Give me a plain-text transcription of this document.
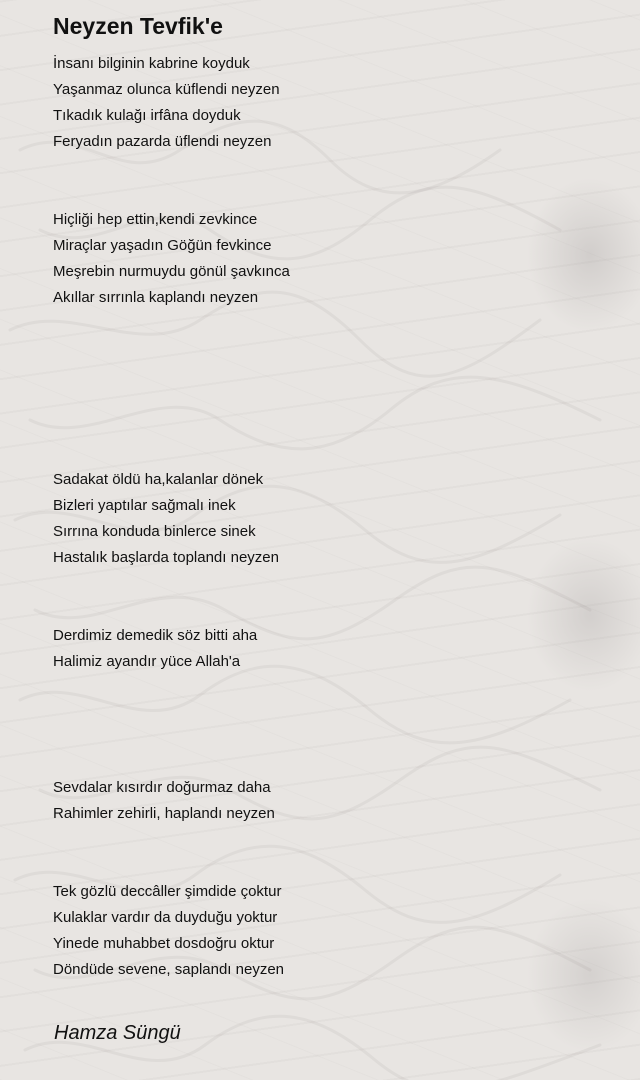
Neyzen Tevfik'e
İnsanı bilginin kabrine koyduk
Yaşanmaz olunca küflendi neyzen
Tıkadık kulağı irfâna doyduk
Feryadın pazarda üflendi neyzen
Hiçliği hep ettin,kendi zevkince
Miraçlar yaşadın Göğün fevkince
Meşrebin nurmuydu gönül şavkınca
Akıllar sırrınla kaplandı neyzen
Sadakat öldü ha,kalanlar dönek
Bizleri yaptılar sağmalı inek
Sırrına konduda binlerce sinek
Hastalık başlarda toplandı neyzen
Derdimiz demedik söz bitti aha
Halimiz ayandır yüce Allah'a
Sevdalar kısırdır doğurmaz daha
Rahimler zehirli, haplandı neyzen
Tek gözlü deccâller şimdide çoktur
Kulaklar vardır da duyduğu yoktur
Yinede muhabbet dosdoğru oktur
Döndüde sevene, saplandı neyzen
Hamza Süngü
